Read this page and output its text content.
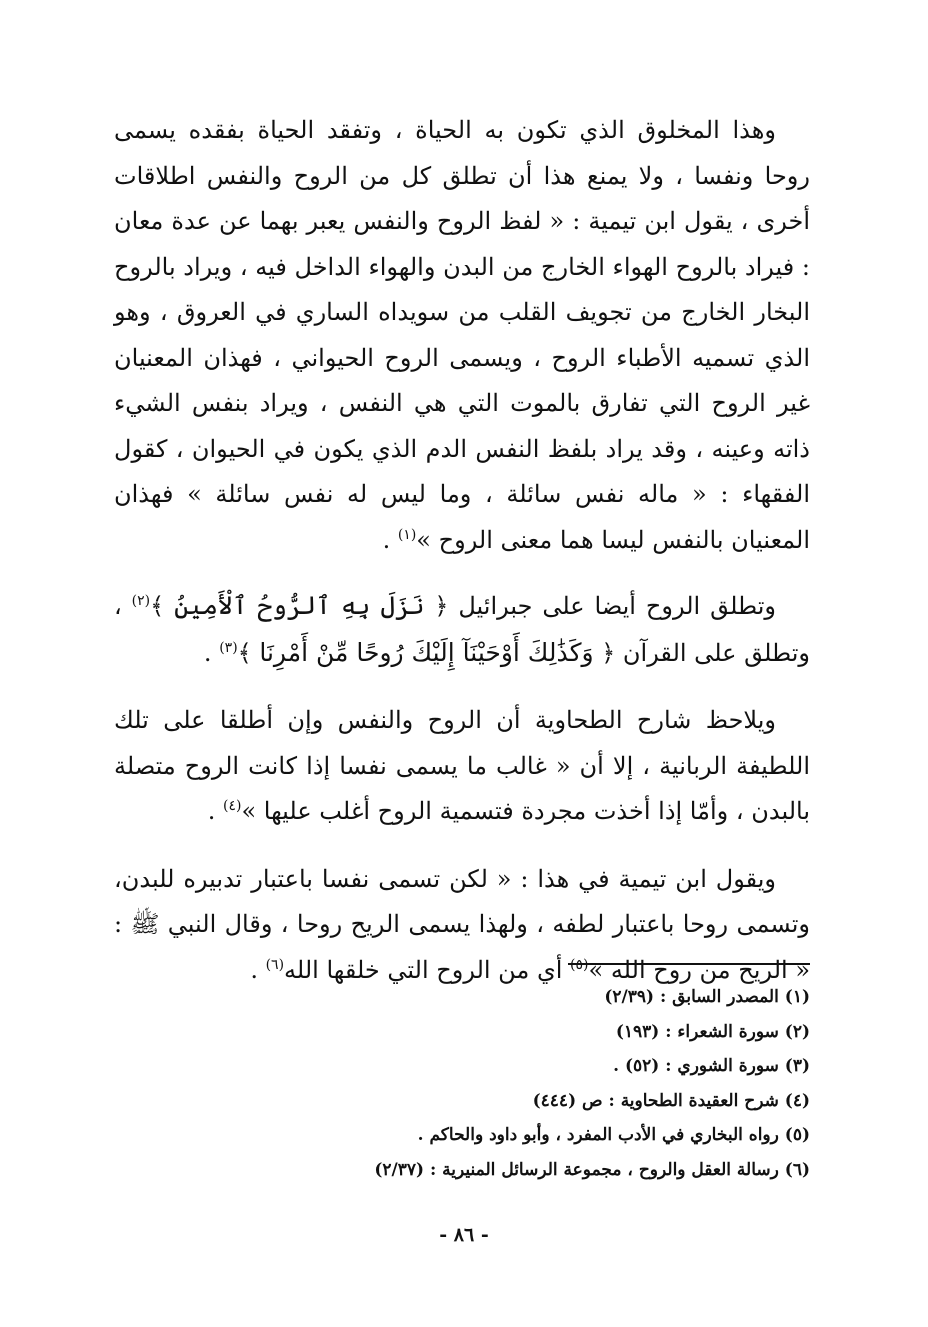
وهذا المخلوق الذي تكون به الحياة ، وتفقد الحياة بفقده يسمى روحا ونفسا ، ولا يمنع هذا أن تطلق كل من الروح والنفس اطلاقات أخرى ، يقول ابن تيمية : « لفظ الروح والنفس يعبر بهما عن عدة معان : فيراد بالروح الهواء الخارج من البدن والهواء الداخل فيه ، ويراد بالروح البخار الخارج من تجويف القلب من سويداه الساري في العروق ، وهو الذي تسميه الأطباء الروح ، ويسمى الروح الحيواني ، فهذان المعنيان غير الروح التي تفارق بالموت التي هي النفس ، ويراد بنفس الشيء ذاته وعينه ، وقد يراد بلفظ النفس الدم الذي يكون في الحيوان ، كقول الفقهاء : « ماله نفس سائلة ، وما ليس له نفس سائلة » فهذان المعنيان بالنفس ليسا هما معنى الروح »$^{(١)}$ .

وتطلق الروح أيضا على جبرائيل ﴿ نَزَلَ بِهِ ٱلرُّوحُ ٱلْأَمِينُ ﴾$^{(٢)}$ ، وتطلق على القرآن ﴿ وَكَذَٰلِكَ أَوْحَيْنَآ إِلَيْكَ رُوحًا مِّنْ أَمْرِنَا ﴾$^{(٣)}$ .

ويلاحظ شارح الطحاوية أن الروح والنفس وإن أطلقا على تلك اللطيفة الربانية ، إلا أن « غالب ما يسمى نفسا إذا كانت الروح متصلة بالبدن ، وأمّا إذا أخذت مجردة فتسمية الروح أغلب عليها »$^{(٤)}$ .

ويقول ابن تيمية في هذا : « لكن تسمى نفسا باعتبار تدبيره للبدن، وتسمى روحا باعتبار لطفه ، ولهذا يسمى الريح روحا ، وقال النبي ﷺ : « الريح من روح الله »$^{(٥)}$ أي من الروح التي خلقها الله$^{(٦)}$ .

(١) المصدر السابق : (٢/٣٩)

(٢) سورة الشعراء : (١٩٣)

(٣) سورة الشوري : (٥٢) .

(٤) شرح العقيدة الطحاوية : ص (٤٤٤)

(٥) رواه البخاري في الأدب المفرد ، وأبو داود والحاكم .

(٦) رسالة العقل والروح ، مجموعة الرسائل المنيرية : (٢/٣٧)

- ٨٦ -
